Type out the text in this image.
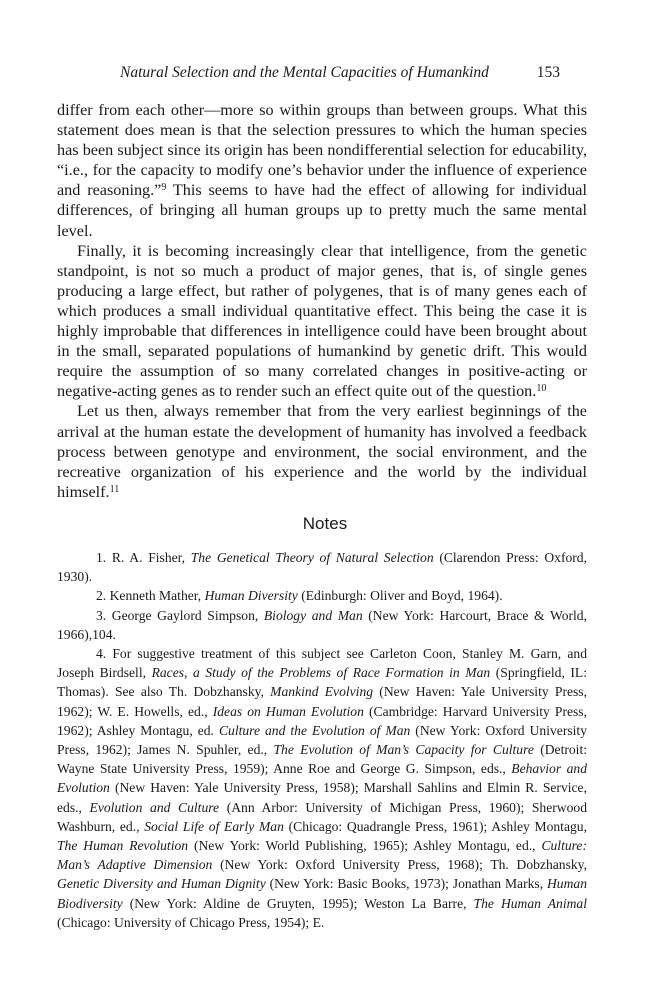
Natural Selection and the Mental Capacities of Humankind	153

differ from each other—more so within groups than between groups. What this statement does mean is that the selection pressures to which the human species has been subject since its origin has been nondifferential selection for educability, “i.e., for the capacity to modify one’s behavior under the influence of experience and reasoning.”$^9$ This seems to have had the effect of allowing for individual differences, of bringing all human groups up to pretty much the same mental level.

Finally, it is becoming increasingly clear that intelligence, from the genetic standpoint, is not so much a product of major genes, that is, of single genes producing a large effect, but rather of polygenes, that is of many genes each of which produces a small individual quantitative effect. This being the case it is highly improbable that differences in intelligence could have been brought about in the small, separated populations of humankind by genetic drift. This would require the assumption of so many correlated changes in positive-acting or negative-acting genes as to render such an effect quite out of the question.$^{10}$

Let us then, always remember that from the very earliest beginnings of the arrival at the human estate the development of humanity has involved a feedback process between genotype and environment, the social environment, and the recreative organization of his experience and the world by the individual himself.$^{11}$

Notes

1. R. A. Fisher, The Genetical Theory of Natural Selection (Clarendon Press: Oxford, 1930).

2. Kenneth Mather, Human Diversity (Edinburgh: Oliver and Boyd, 1964).

3. George Gaylord Simpson, Biology and Man (New York: Harcourt, Brace & World, 1966),104.

4. For suggestive treatment of this subject see Carleton Coon, Stanley M. Garn, and Joseph Birdsell, Races, a Study of the Problems of Race Formation in Man (Springfield, IL: Thomas). See also Th. Dobzhansky, Mankind Evolving (New Haven: Yale University Press, 1962); W. E. Howells, ed., Ideas on Human Evolution (Cambridge: Harvard University Press, 1962); Ashley Montagu, ed. Culture and the Evolution of Man (New York: Oxford University Press, 1962); James N. Spuhler, ed., The Evolution of Man’s Capacity for Culture (Detroit: Wayne State University Press, 1959); Anne Roe and George G. Simpson, eds., Behavior and Evolution (New Haven: Yale University Press, 1958); Marshall Sahlins and Elmin R. Service, eds., Evolution and Culture (Ann Arbor: University of Michigan Press, 1960); Sherwood Washburn, ed., Social Life of Early Man (Chicago: Quadrangle Press, 1961); Ashley Montagu, The Human Revolution (New York: World Publishing, 1965); Ashley Montagu, ed., Culture: Man’s Adaptive Dimension (New York: Oxford University Press, 1968); Th. Dobzhansky, Genetic Diversity and Human Dignity (New York: Basic Books, 1973); Jonathan Marks, Human Biodiversity (New York: Aldine de Gruyten, 1995); Weston La Barre, The Human Animal (Chicago: University of Chicago Press, 1954); E.
